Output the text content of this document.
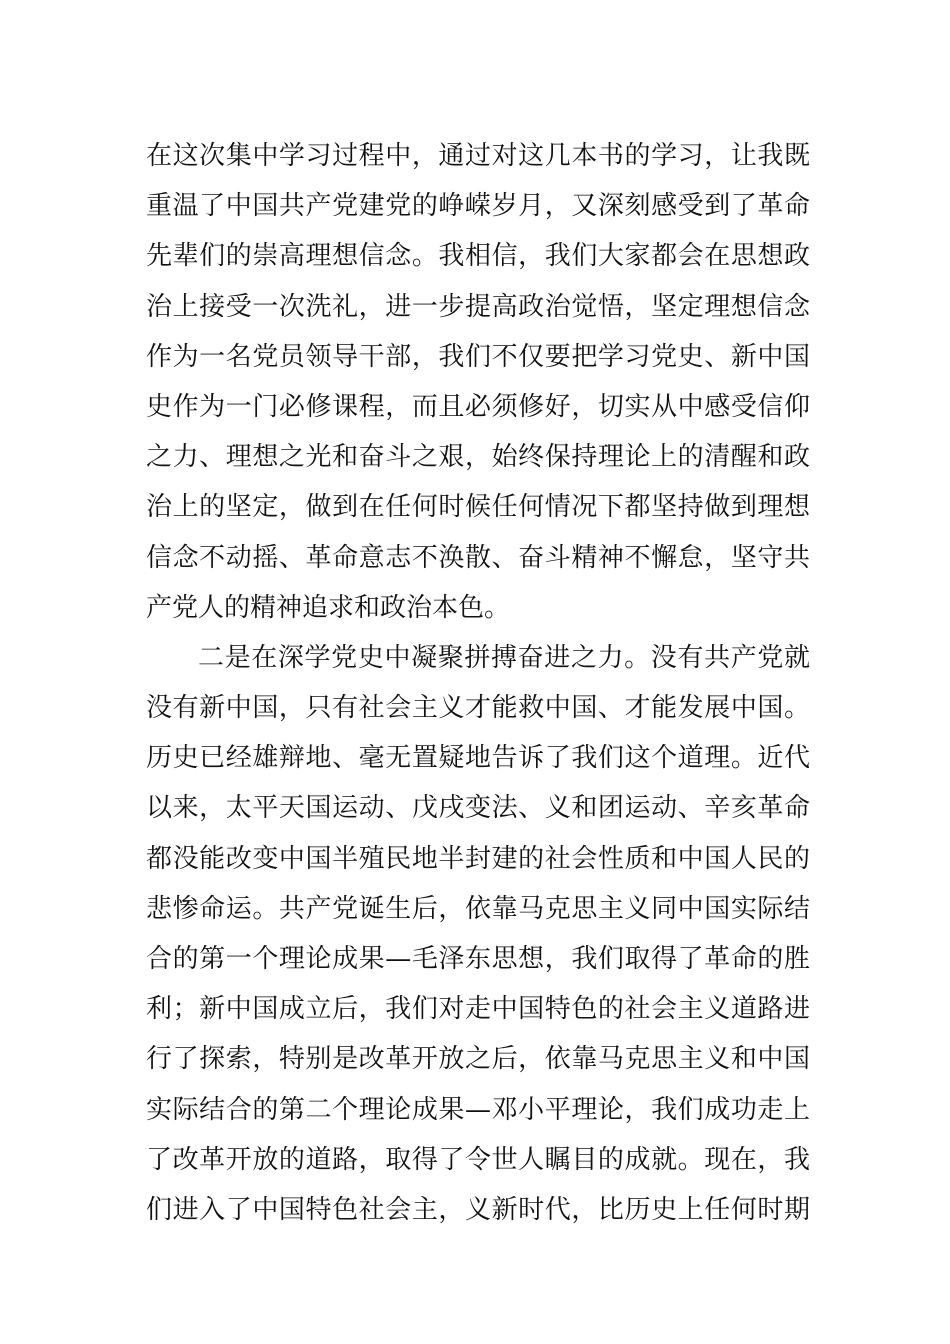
在这次集中学习过程中，通过对这几本书的学习，让我既
重温了中国共产党建党的峥嵘岁月，又深刻感受到了革命
先辈们的崇高理想信念。我相信，我们大家都会在思想政
治上接受一次洗礼，进一步提高政治觉悟，坚定理想信念
作为一名党员领导干部，我们不仅要把学习党史、新中国
史作为一门必修课程，而且必须修好，切实从中感受信仰
之力、理想之光和奋斗之艰，始终保持理论上的清醒和政
治上的坚定，做到在任何时候任何情况下都坚持做到理想
信念不动摇、革命意志不涣散、奋斗精神不懈怠，坚守共
产党人的精神追求和政治本色。
二是在深学党史中凝聚拼搏奋进之力。没有共产党就
没有新中国，只有社会主义才能救中国、才能发展中国。
历史已经雄辩地、毫无置疑地告诉了我们这个道理。近代
以来，太平天国运动、戊戌变法、义和团运动、辛亥革命
都没能改变中国半殖民地半封建的社会性质和中国人民的
悲惨命运。共产党诞生后，依靠马克思主义同中国实际结
合的第一个理论成果—毛泽东思想，我们取得了革命的胜
利；新中国成立后，我们对走中国特色的社会主义道路进
行了探索，特别是改革开放之后，依靠马克思主义和中国
实际结合的第二个理论成果—邓小平理论，我们成功走上
了改革开放的道路，取得了令世人瞩目的成就。现在，我
们进入了中国特色社会主，义新时代，比历史上任何时期
